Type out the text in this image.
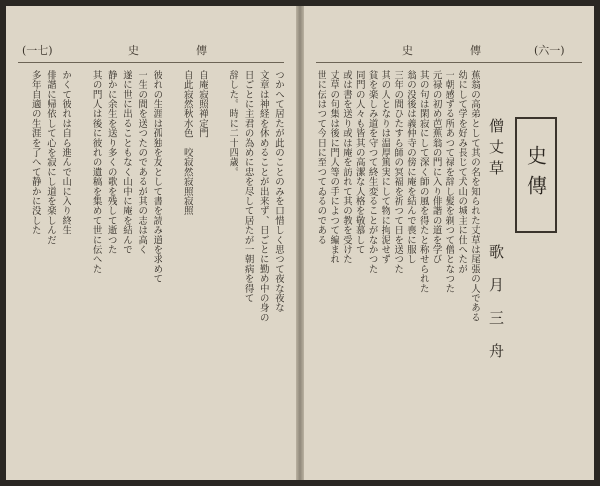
(一七)	史	傳	史	傳	(六一)
史傳
僧丈草
歌月三舟
つかへて居たが此のことのみを口惜しく思つて夜な夜な
文章は神経を休めることが出来ず、日ごとに勤め中の身の
日ごとに主君の為めに忠を尽して居たが一朝病を得て
辞した。時に二十四歳。
自庵寂照禅定門
自此寂然秋水色　咬寂然寂照寂照
彼れの生涯は孤独を友として書を読み道を求めて
一生の間を送つたのであるが其の志は高く
遂に世に出ることもなく山中に庵を結んで
静かに余生を送り多くの歌を残して逝つた
其の門人は後に彼れの遺稿を集めて世に伝へた
かくて彼れは自ら進んで山に入り終生
俳諧に帰依して心を寂にし道を楽しんだ
多年自適の生涯を了へて静かに没した	蕉翁の高弟として其の名を知られた丈草は尾張の人である
幼にして学を好み長じて犬山の城主に仕へたが
一朝感ずる所あつて禄を辞し髪を剃つて僧となつた
元禄の初め芭蕉翁の門に入り俳諧の道を学び
其の句は閑寂にして深く師の風を得たと称せられた
翁の没後は義仲寺の傍に庵を結んで喪に服し
三年の間ひたすら師の冥福を祈つて日を送つた
其の人となりは温厚篤実にして物に拘泥せず
貧を楽しみ道を守つて終生変ることがなかつた
同門の人々も皆其の高潔な人格を敬慕して
或は書を送り或は庵を訪れて其の教を受けた
丈草の句集は後に門人等の手によつて編まれ
世に伝はつて今日に至つてゐるのである
